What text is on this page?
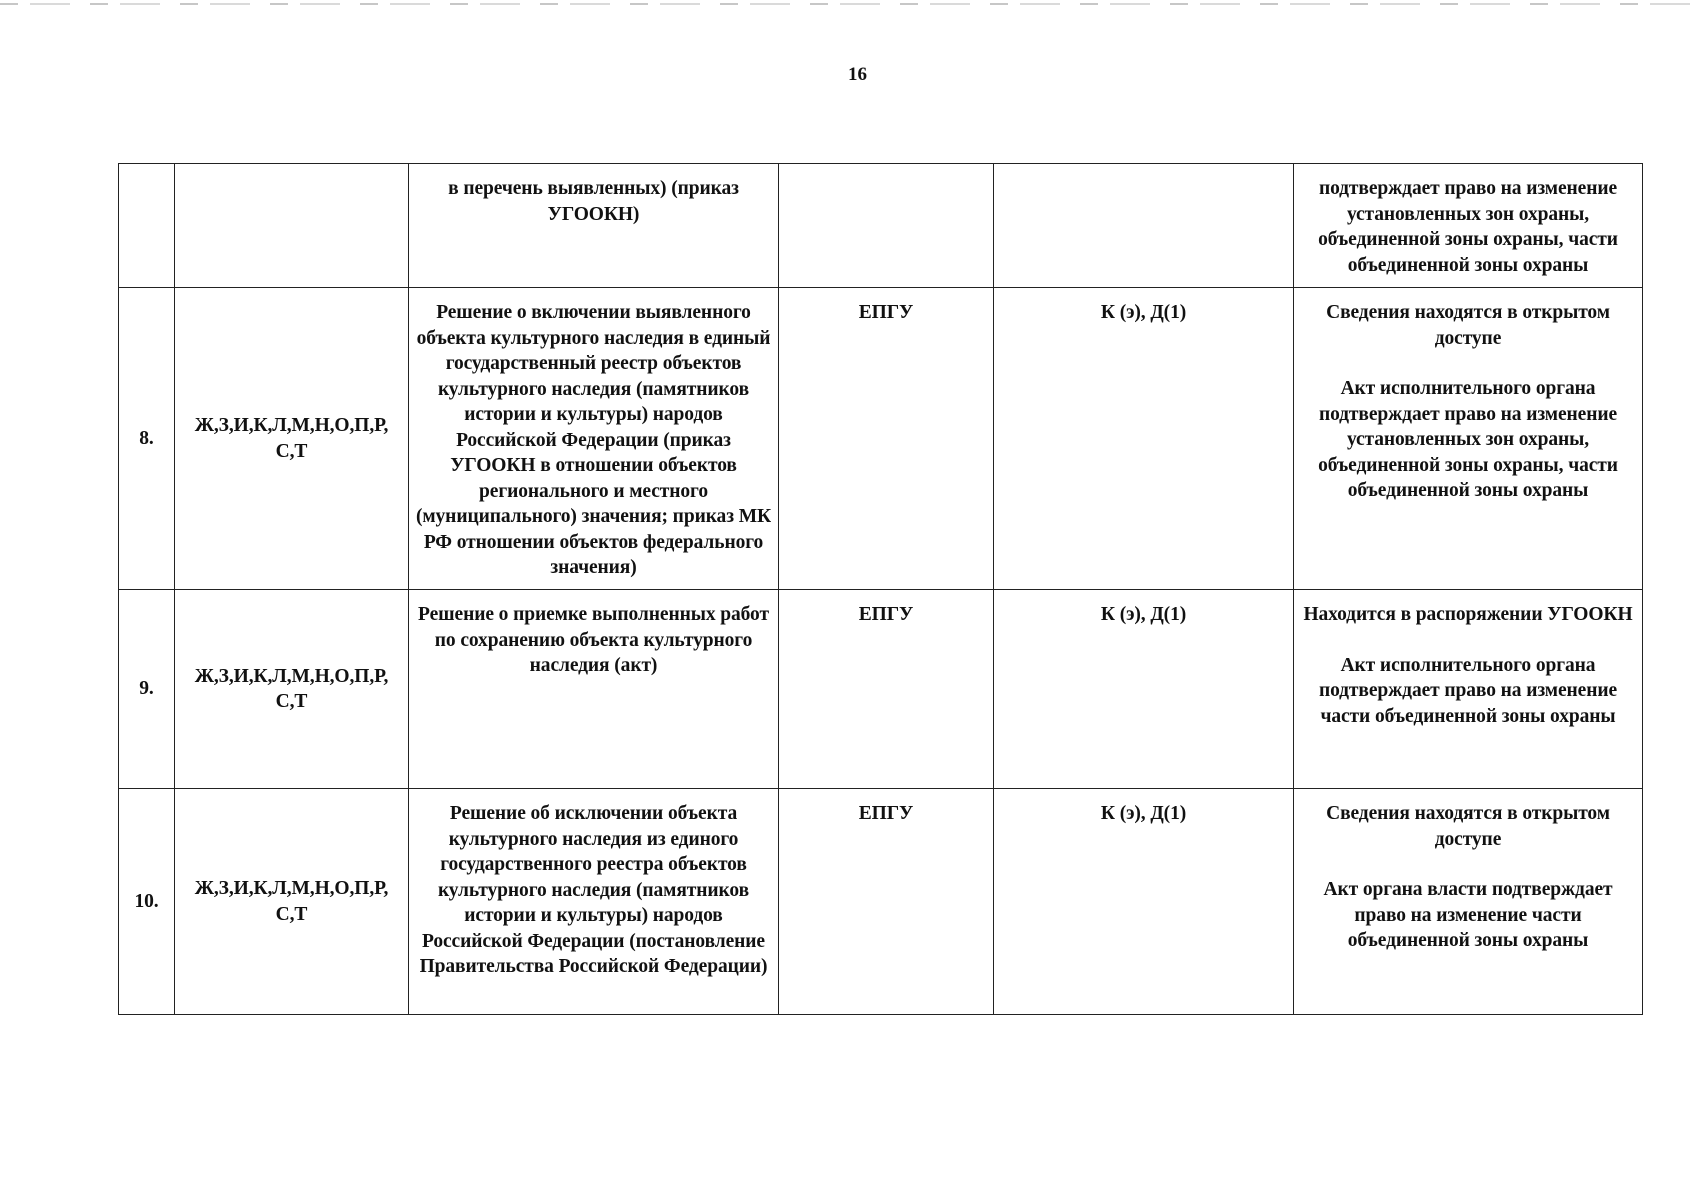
16
		в перечень выявленных) (приказ УГООКН)			подтверждает право на изменение установленных зон охраны, объединенной зоны охраны, части объединенной зоны охраны

8.	Ж,З,И,К,Л,М,Н,О,П,Р, С,Т	Решение о включении выявленного объекта культурного наследия в единый государственный реестр объектов культурного наследия (памятников истории и культуры) народов Российской Федерации (приказ УГООКН в отношении объектов регионального и местного (муниципального) значения; приказ МК РФ отношении объектов федерального значения)	ЕПГУ	К (э), Д(1)	Сведения находятся в открытом доступе
Акт исполнительного органа подтверждает право на изменение установленных зон охраны, объединенной зоны охраны, части объединенной зоны охраны

9.	Ж,З,И,К,Л,М,Н,О,П,Р, С,Т	Решение о приемке выполненных работ по сохранению объекта культурного наследия (акт)	ЕПГУ	К (э), Д(1)	Находится в распоряжении УГООКН
Акт исполнительного органа подтверждает право на изменение части объединенной зоны охраны

10.	Ж,З,И,К,Л,М,Н,О,П,Р, С,Т	Решение об исключении объекта культурного наследия из единого государственного реестра объектов культурного наследия (памятников истории и культуры) народов Российской Федерации (постановление Правительства Российской Федерации)	ЕПГУ	К (э), Д(1)	Сведения находятся в открытом доступе
Акт органа власти подтверждает право на изменение части объединенной зоны охраны
